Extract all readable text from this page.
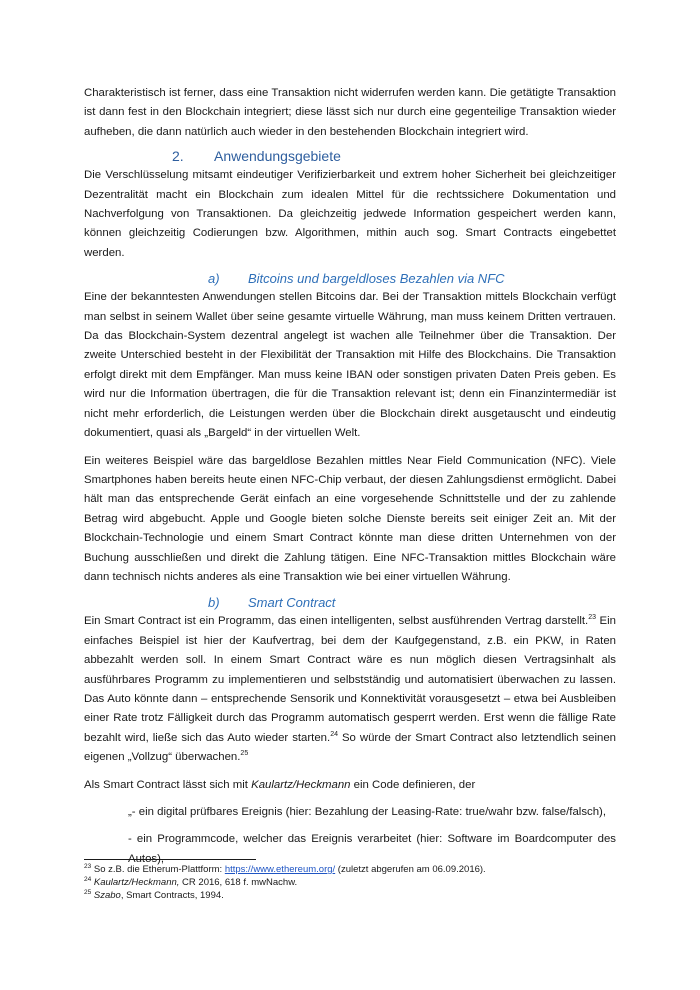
Charakteristisch ist ferner, dass eine Transaktion nicht widerrufen werden kann. Die getätigte Transaktion ist dann fest in den Blockchain integriert; diese lässt sich nur durch eine gegenteilige Transaktion wieder aufheben, die dann natürlich auch wieder in den bestehenden Blockchain integriert wird.

2. Anwendungsgebiete

Die Verschlüsselung mitsamt eindeutiger Verifizierbarkeit und extrem hoher Sicherheit bei gleichzeitiger Dezentralität macht ein Blockchain zum idealen Mittel für die rechtssichere Dokumentation und Nachverfolgung von Transaktionen. Da gleichzeitig jedwede Information gespeichert werden kann, können gleichzeitig Codierungen bzw. Algorithmen, mithin auch sog. Smart Contracts eingebettet werden.

a) Bitcoins und bargeldloses Bezahlen via NFC

Eine der bekanntesten Anwendungen stellen Bitcoins dar. Bei der Transaktion mittels Blockchain verfügt man selbst in seinem Wallet über seine gesamte virtuelle Währung, man muss keinem Dritten vertrauen. Da das Blockchain-System dezentral angelegt ist wachen alle Teilnehmer über die Transaktion. Der zweite Unterschied besteht in der Flexibilität der Transaktion mit Hilfe des Blockchains. Die Transaktion erfolgt direkt mit dem Empfänger. Man muss keine IBAN oder sonstigen privaten Daten Preis geben. Es wird nur die Information übertragen, die für die Transaktion relevant ist; denn ein Finanzintermediär ist nicht mehr erforderlich, die Leistungen werden über die Blockchain direkt ausgetauscht und eindeutig dokumentiert, quasi als „Bargeld“ in der virtuellen Welt.

Ein weiteres Beispiel wäre das bargeldlose Bezahlen mittles Near Field Communication (NFC). Viele Smartphones haben bereits heute einen NFC-Chip verbaut, der diesen Zahlungsdienst ermöglicht. Dabei hält man das entsprechende Gerät einfach an eine vorgesehende Schnittstelle und der zu zahlende Betrag wird abgebucht. Apple und Google bieten solche Dienste bereits seit einiger Zeit an. Mit der Blockchain-Technologie und einem Smart Contract könnte man diese dritten Unternehmen von der Buchung ausschließen und direkt die Zahlung tätigen. Eine NFC-Transaktion mittles Blockchain wäre dann technisch nichts anderes als eine Transaktion wie bei einer virtuellen Währung.

b) Smart Contract

Ein Smart Contract ist ein Programm, das einen intelligenten, selbst ausführenden Vertrag darstellt.$^{23}$ Ein einfaches Beispiel ist hier der Kaufvertrag, bei dem der Kaufgegenstand, z.B. ein PKW, in Raten abbezahlt werden soll. In einem Smart Contract wäre es nun möglich diesen Vertragsinhalt als ausführbares Programm zu implementieren und selbstständig und automatisiert überwachen zu lassen. Das Auto könnte dann – entsprechende Sensorik und Konnektivität vorausgesetzt – etwa bei Ausbleiben einer Rate trotz Fälligkeit durch das Programm automatisch gesperrt werden. Erst wenn die fällige Rate bezahlt wird, ließe sich das Auto wieder starten.$^{24}$ So würde der Smart Contract also letztendlich seinen eigenen „Vollzug“ überwachen.$^{25}$

Als Smart Contract lässt sich mit Kaulartz/Heckmann ein Code definieren, der

„- ein digital prüfbares Ereignis (hier: Bezahlung der Leasing-Rate: true/wahr bzw. false/falsch),

- ein Programmcode, welcher das Ereignis verarbeitet (hier: Software im Boardcomputer des Autos),

$^{23}$ So z.B. die Etherum-Plattform: https://www.ethereum.org/ (zuletzt abgerufen am 06.09.2016).
$^{24}$ Kaulartz/Heckmann, CR 2016, 618 f. mwNachw.
$^{25}$ Szabo, Smart Contracts, 1994.
